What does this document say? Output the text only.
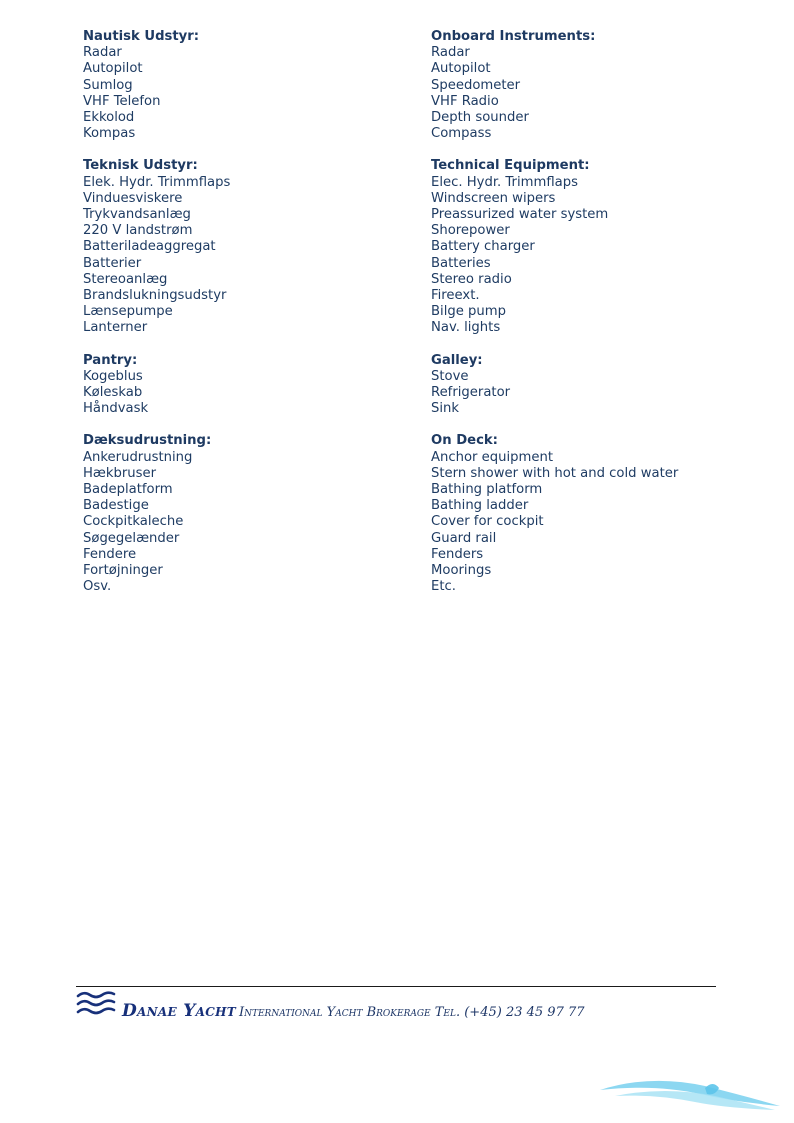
Nautisk Udstyr:
Radar
Autopilot
Sumlog
VHF Telefon
Ekkolod
Kompas
Teknisk Udstyr:
Elek. Hydr. Trimmflaps
Vinduesviskere
Trykvandsanlæg
220 V landstrøm
Batteriladeaggregat
Batterier
Stereoanlæg
Brandslukningsudstyr
Lænsepumpe
Lanterner
Pantry:
Kogeblus
Køleskab
Håndvask
Dæksudrustning:
Ankerudrustning
Hækbruser
Badeplatform
Badestige
Cockpitkaleche
Søgegelænder
Fendere
Fortøjninger
Osv.
Onboard Instruments:
Radar
Autopilot
Speedometer
VHF Radio
Depth sounder
Compass
Technical Equipment:
Elec. Hydr. Trimmflaps
Windscreen wipers
Preassurized water system
Shorepower
Battery charger
Batteries
Stereo radio
Fireext.
Bilge pump
Nav. lights
Galley:
Stove
Refrigerator
Sink
On Deck:
Anchor equipment
Stern shower with hot and cold water
Bathing platform
Bathing ladder
Cover for cockpit
Guard rail
Fenders
Moorings
Etc.
Danae Yacht International Yacht Brokerage Tel. (+45) 23 45 97 77
